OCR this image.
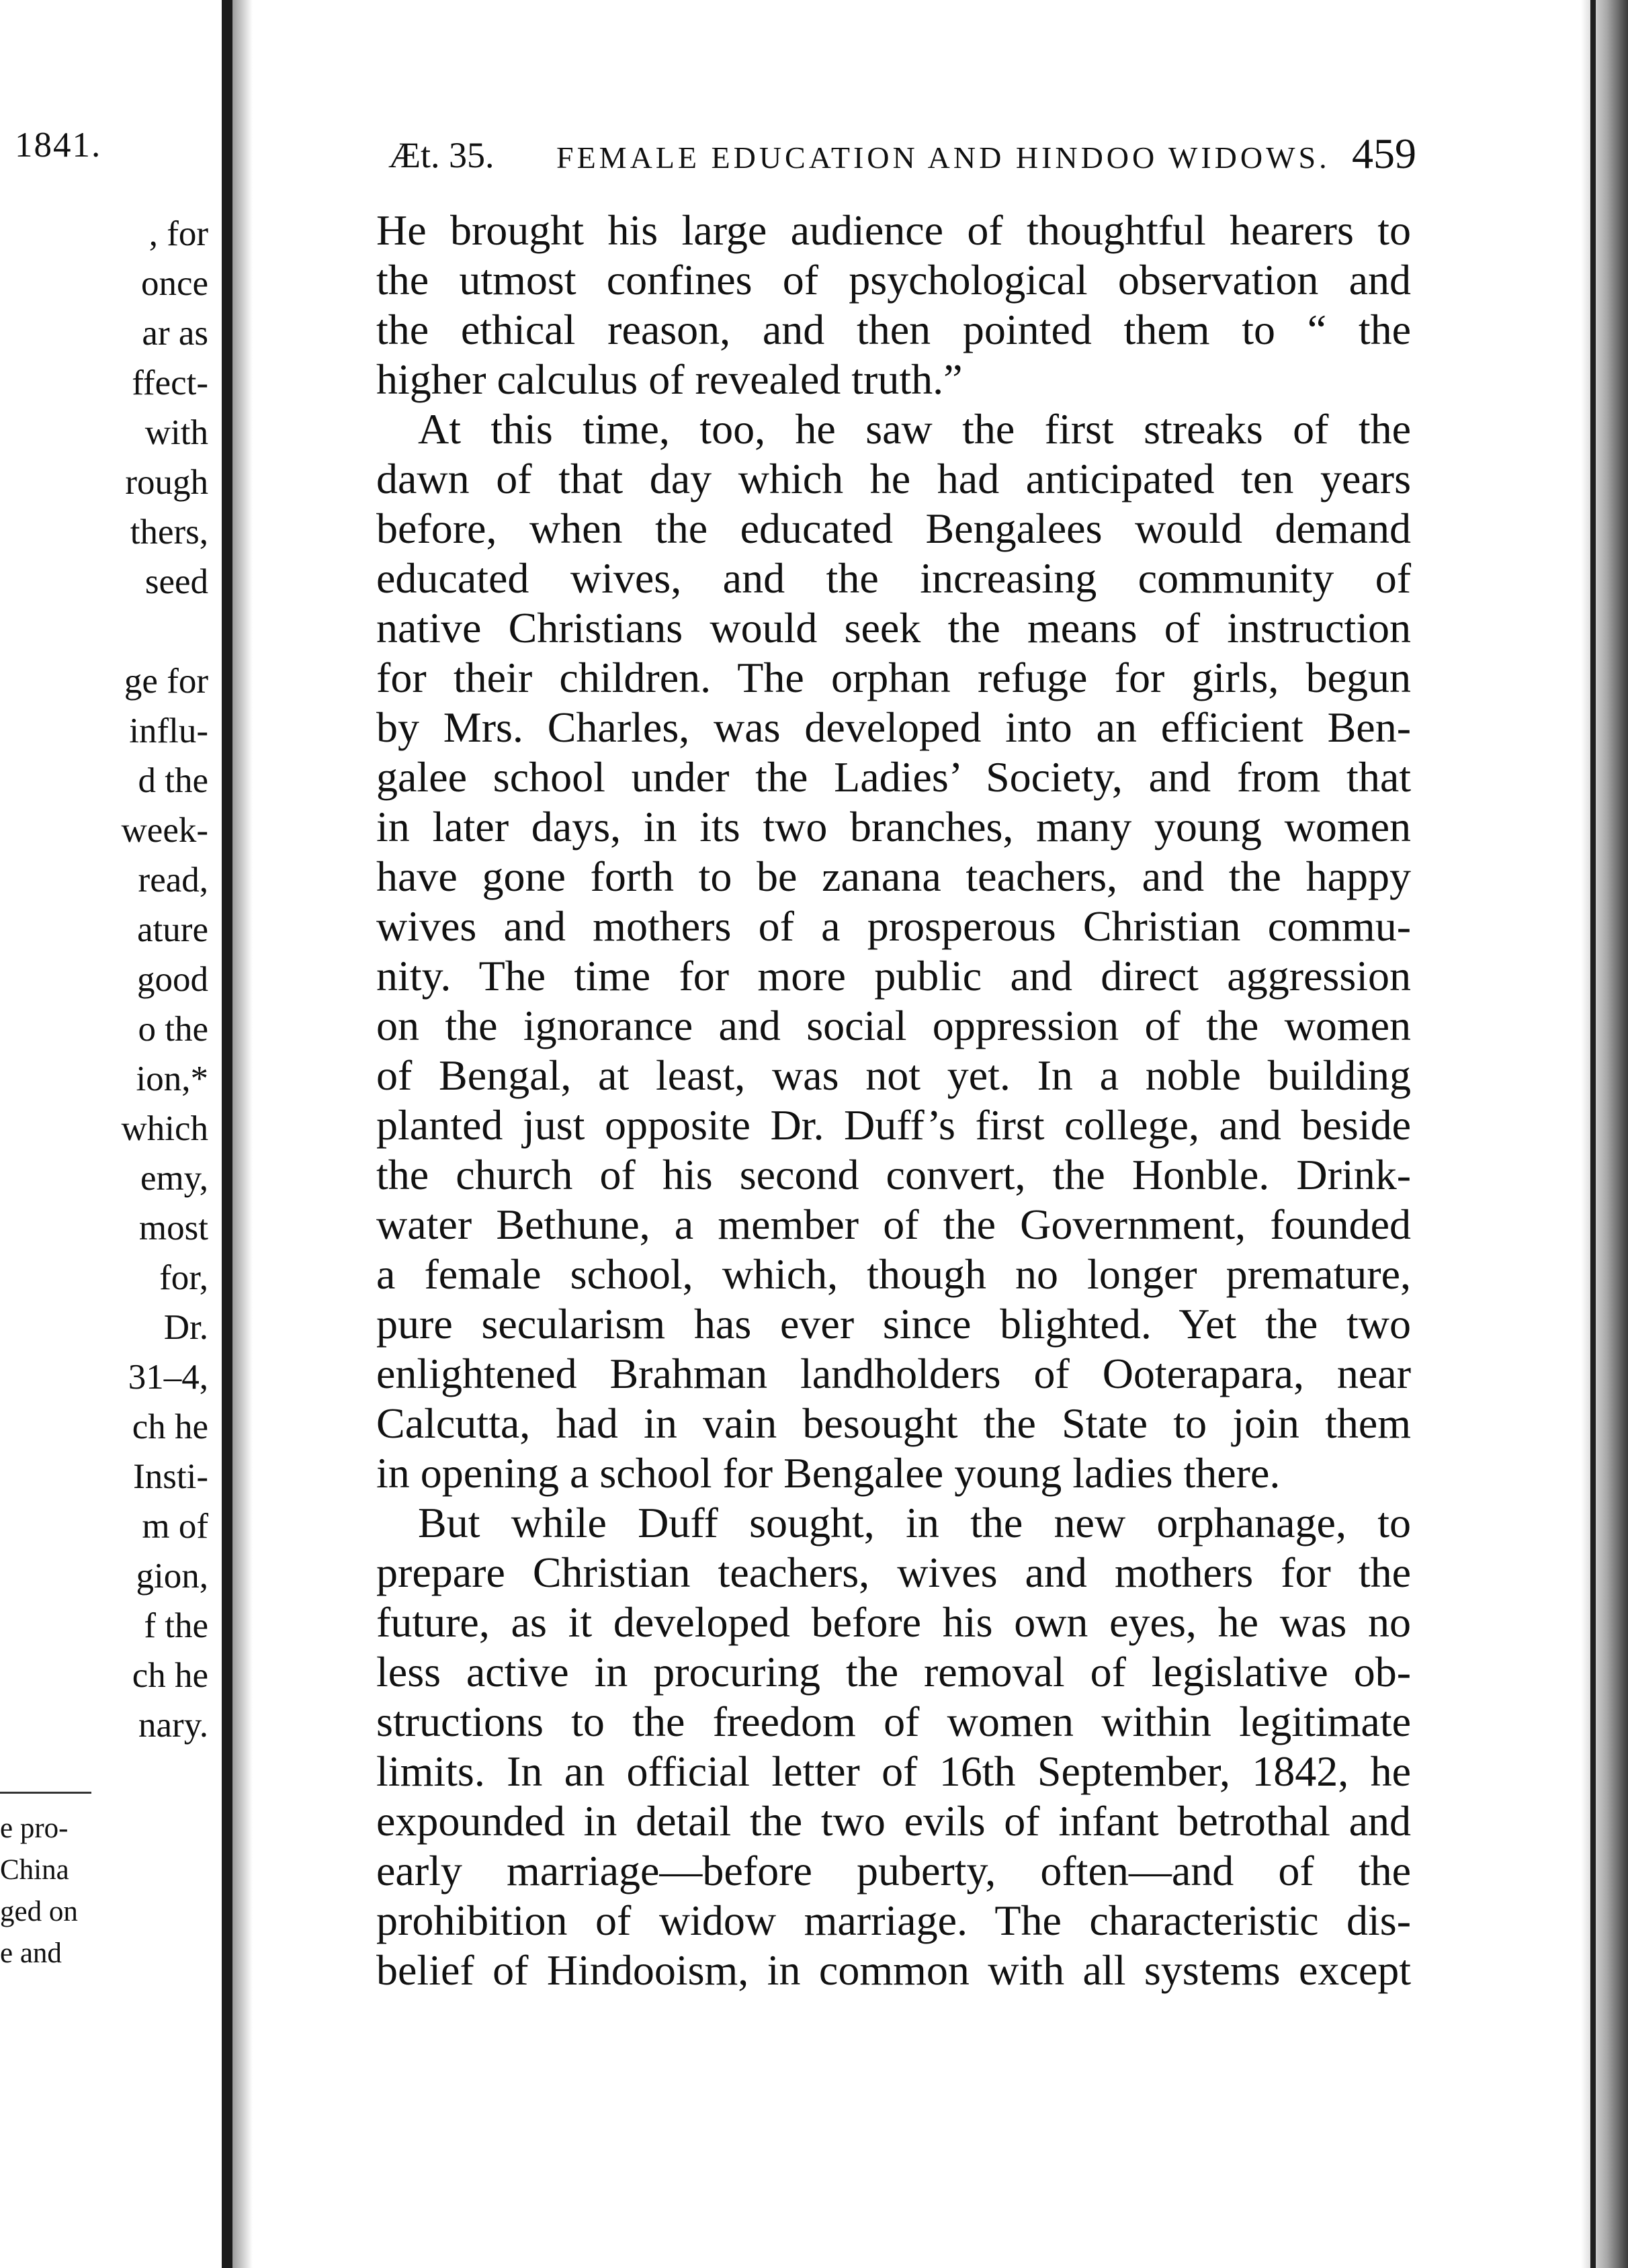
1841.
, for
once
ar as
ffect-
with
rough
thers,
seed
ge for
influ-
d the
week-
read,
ature
good
o the
ion,*
which
emy,
most
for,
Dr.
31–4,
ch he
Insti-
m of
gion,
f the
ch he
nary.
e pro-
China
ged on
e and
Æt. 35. FEMALE EDUCATION AND HINDOO WIDOWS. 459
He brought his large audience of thoughtful hearers to
the utmost confines of psychological observation and
the ethical reason, and then pointed them to “ the
higher calculus of revealed truth.”
At this time, too, he saw the first streaks of the
dawn of that day which he had anticipated ten years
before, when the educated Bengalees would demand
educated wives, and the increasing community of
native Christians would seek the means of instruction
for their children. The orphan refuge for girls, begun
by Mrs. Charles, was developed into an efficient Ben-
galee school under the Ladies’ Society, and from that
in later days, in its two branches, many young women
have gone forth to be zanana teachers, and the happy
wives and mothers of a prosperous Christian commu-
nity. The time for more public and direct aggression
on the ignorance and social oppression of the women
of Bengal, at least, was not yet. In a noble building
planted just opposite Dr. Duff’s first college, and beside
the church of his second convert, the Honble. Drink-
water Bethune, a member of the Government, founded
a female school, which, though no longer premature,
pure secularism has ever since blighted. Yet the two
enlightened Brahman landholders of Ooterapara, near
Calcutta, had in vain besought the State to join them
in opening a school for Bengalee young ladies there.
But while Duff sought, in the new orphanage, to
prepare Christian teachers, wives and mothers for the
future, as it developed before his own eyes, he was no
less active in procuring the removal of legislative ob-
structions to the freedom of women within legitimate
limits. In an official letter of 16th September, 1842, he
expounded in detail the two evils of infant betrothal and
early marriage—before puberty, often—and of the
prohibition of widow marriage. The characteristic dis-
belief of Hindooism, in common with all systems except
